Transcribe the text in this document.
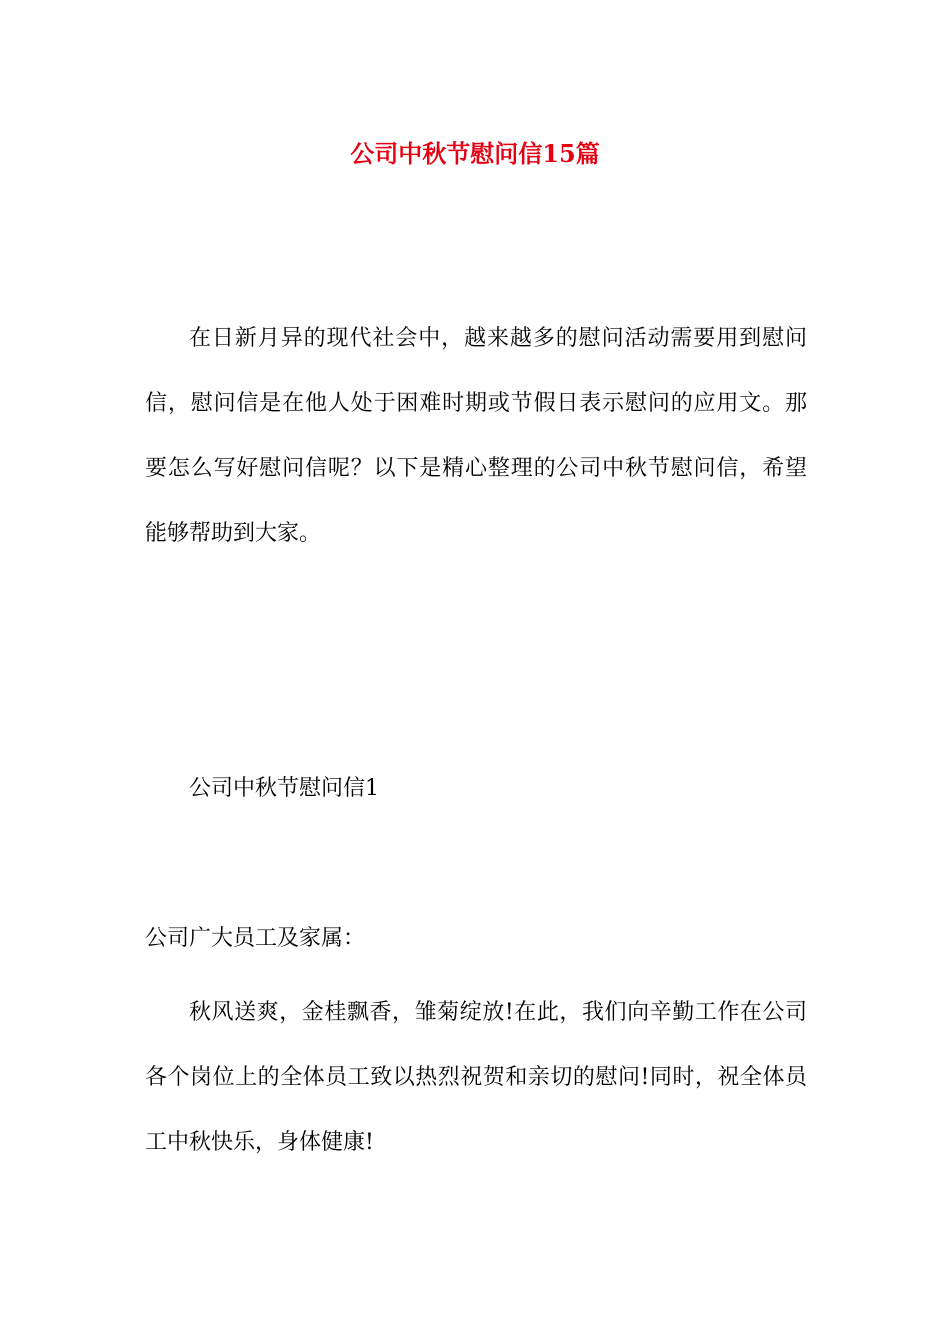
公司中秋节慰问信15篇
在日新月异的现代社会中，越来越多的慰问活动需要用到慰问
信，慰问信是在他人处于困难时期或节假日表示慰问的应用文。那
要怎么写好慰问信呢？以下是精心整理的公司中秋节慰问信，希望
能够帮助到大家。
公司中秋节慰问信1
公司广大员工及家属：
秋风送爽，金桂飘香，雏菊绽放!在此，我们向辛勤工作在公司
各个岗位上的全体员工致以热烈祝贺和亲切的慰问!同时，祝全体员
工中秋快乐，身体健康!
